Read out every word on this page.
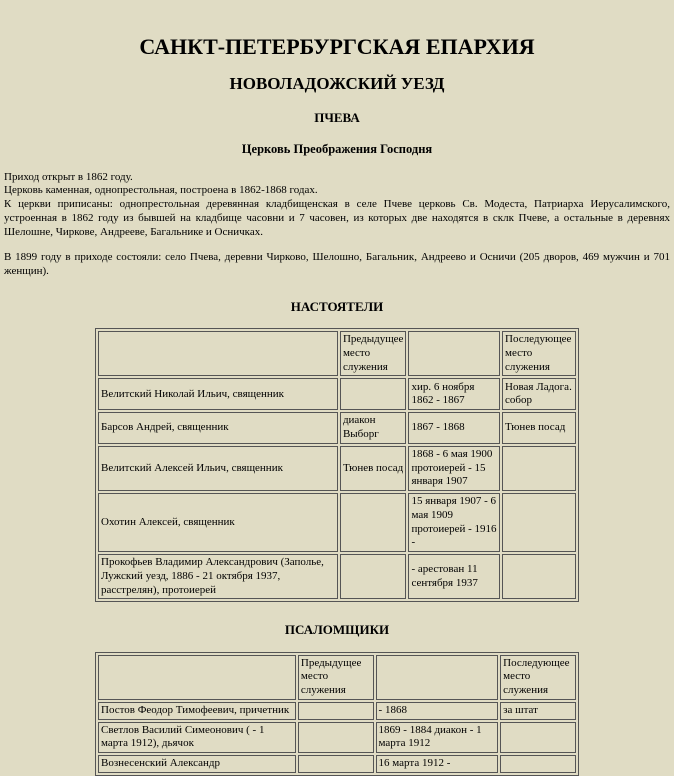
САНКТ-ПЕТЕРБУРГСКАЯ ЕПАРХИЯ
НОВОЛАДОЖСКИЙ УЕЗД
ПЧЕВА
Церковь Преображения Господня

Приход открыт в 1862 году.

Церковь каменная, однопрестольная, построена в 1862-1868 годах.

К церкви приписаны: однопрестольная деревянная кладбищенская в селе Пчеве церковь Св. Модеста, Патриарха Иерусалимского, устроенная в 1862 году из бывшей на кладбище часовни и 7 часовен, из которых две находятся в склк Пчеве, а остальные в деревнях Шелошне, Чиркове, Андрееве, Багальнике и Осничках.

В 1899 году в приходе состояли: село Пчева, деревни Чирково, Шелошно, Багальник, Андреево и Осничи (205 дворов, 469 мужчин и 701 женщин).

НАСТОЯТЕЛИ
	Предыдущее место служения		Последующее место служения
Велитский Николай Ильич, священник		хир. 6 ноября 1862 - 1867	Новая Ладога. собор
Барсов Андрей, священник	диакон Выборг	1867 - 1868	Тюнев посад
Велитский Алексей Ильич, священник	Тюнев посад	1868 - 6 мая 1900 протоиерей - 15 января 1907	
Охотин Алексей, священник		15 января 1907 - 6 мая 1909 протоиерей - 1916 -	
Прокофьев Владимир Александрович (Запольe, Лужский уезд, 1886 - 21 октября 1937, расстрелян), протоиерей		- арестован 11 сентября 1937	
ПСАЛОМЩИКИ
	Предыдущее место служения		Последующее место служения
Постов Феодор Тимофеевич, причетник		- 1868	за штат
Светлов Василий Симеонович ( - 1 марта 1912), дьячок		1869 - 1884 диакон - 1 марта 1912	
Вознесенский Александр		16 марта 1912 -	
